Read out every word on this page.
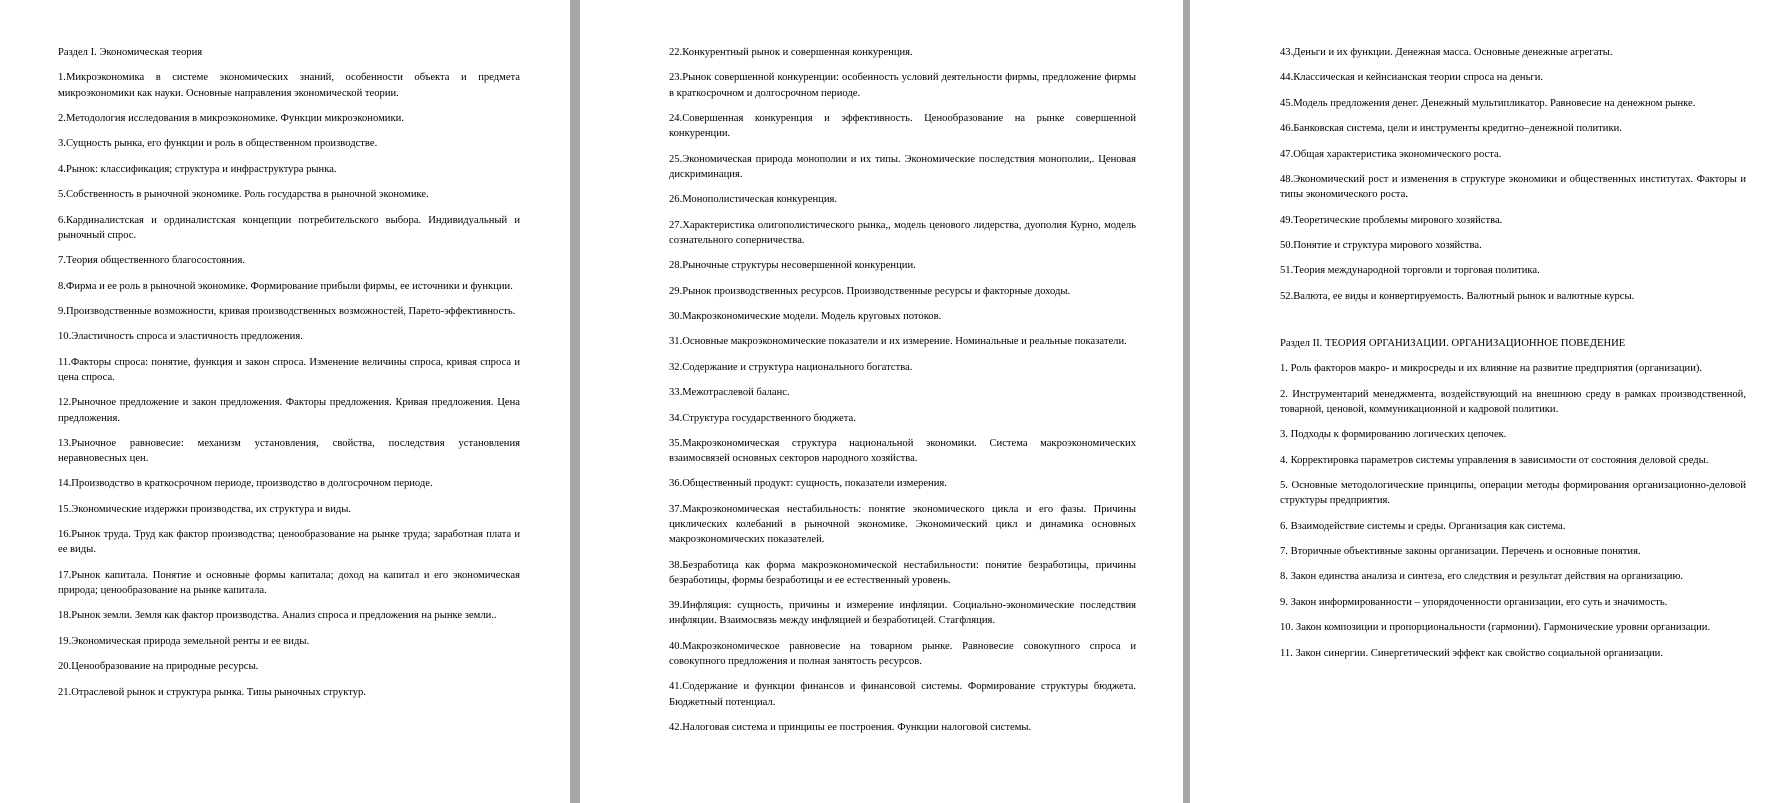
Раздел I. Экономическая теория

1.Микроэкономика в системе экономических знаний, особенности объекта и предмета микроэкономики как науки. Основные направления экономической теории.

2.Методология исследования в микроэкономике. Функции микроэкономики.

3.Сущность рынка, его функции и роль в общественном производстве.

4.Рынок: классификация; структура и инфраструктура рынка.

5.Собственность в рыночной экономике. Роль государства в рыночной экономике.

6.Кардиналистская и ординалистская концепции потребительского выбора. Индивидуальный и рыночный спрос.

7.Теория общественного благосостояния.

8.Фирма и ее роль в рыночной экономике. Формирование прибыли фирмы, ее источники и функции.

9.Производственные возможности, кривая производственных возможностей, Парето-эффективность.

10.Эластичность спроса и эластичность предложения.

11.Факторы спроса: понятие, функция и закон спроса. Изменение величины спроса, кривая спроса и цена спроса.

12.Рыночное предложение и закон предложения. Факторы предложения. Кривая предложения. Цена предложения.

13.Рыночное равновесие: механизм установления, свойства, последствия установления неравновесных цен.

14.Производство в краткосрочном периоде, производство в долгосрочном периоде.

15.Экономические издержки производства, их структура и виды.

16.Рынок труда. Труд как фактор производства; ценообразование на рынке труда; заработная плата и ее виды.

17.Рынок капитала. Понятие и основные формы капитала; доход на капитал и его экономическая природа; ценообразование на рынке капитала.

18.Рынок земли. Земля как фактор производства. Анализ спроса и предложения на рынке земли..

19.Экономическая природа земельной ренты и ее виды.

20.Ценообразование на природные ресурсы.

21.Отраслевой рынок и структура рынка. Типы рыночных структур.

22.Конкурентный рынок и совершенная конкуренция.

23.Рынок совершенной конкуренции: особенность условий деятельности фирмы, предложение фирмы в краткосрочном и долгосрочном периоде.

24.Совершенная конкуренция и эффективность. Ценообразование на рынке совершенной конкуренции.

25.Экономическая природа монополии и их типы. Экономические последствия монополии,. Ценовая дискриминация.

26.Монополистическая конкуренция.

27.Характеристика олигополистического рынка,, модель ценового лидерства, дуополия Курно, модель сознательного соперничества.

28.Рыночные структуры несовершенной конкуренции.

29.Рынок производственных ресурсов. Производственные ресурсы и факторные доходы.

30.Макроэкономические модели. Модель круговых потоков.

31.Основные макроэкономические показатели и их измерение. Номинальные и реальные показатели.

32.Содержание и структура национального богатства.

33.Межотраслевой баланс.

34.Структура государственного бюджета.

35.Макроэкономическая структура национальной экономики. Система макроэкономических взаимосвязей основных секторов народного хозяйства.

36.Общественный продукт: сущность, показатели измерения.

37.Макроэкономическая нестабильность: понятие экономического цикла и его фазы. Причины циклических колебаний в рыночной экономике. Экономический цикл и динамика основных макроэкономических показателей.

38.Безработица как форма макроэкономической нестабильности: понятие безработицы, причины безработицы, формы безработицы и ее естественный уровень.

39.Инфляция: сущность, причины и измерение инфляции. Социально-экономические последствия инфляции. Взаимосвязь между инфляцией и безработицей. Стагфляция.

40.Макроэкономическое равновесие на товарном рынке. Равновесие совокупного спроса и совокупного предложения и полная занятость ресурсов.

41.Содержание и функции финансов и финансовой системы. Формирование структуры бюджета. Бюджетный потенциал.

42.Налоговая система и принципы ее построения. Функции налоговой системы.

43.Деньги и их функции. Денежная масса. Основные денежные агрегаты.

44.Классическая и кейнсианская теории спроса на деньги.

45.Модель предложения денег. Денежный мультипликатор. Равновесие на денежном рынке.

46.Банковская система, цели и инструменты кредитно–денежной политики.

47.Общая характеристика экономического роста.

48.Экономический рост и изменения в структуре экономики и общественных институтах. Факторы и типы экономического роста.

49.Теоретические проблемы мирового хозяйства.

50.Понятие и структура мирового хозяйства.

51.Теория международной торговли и торговая политика.

52.Валюта, ее виды и конвертируемость. Валютный рынок и валютные курсы.

Раздел II. ТЕОРИЯ ОРГАНИЗАЦИИ. ОРГАНИЗАЦИОННОЕ ПОВЕДЕНИЕ

1. Роль факторов макро- и микросреды и их влияние на развитие предприятия (организации).

2. Инструментарий менеджмента, воздействующий на внешнюю среду в рамках производственной, товарной, ценовой, коммуникационной и кадровой политики.

3. Подходы к формированию логических цепочек.

4. Корректировка параметров системы управления в зависимости от состояния деловой среды.

5. Основные методологические принципы, операции методы формирования организационно-деловой структуры предприятия.

6. Взаимодействие системы и среды. Организация как система.

7. Вторичные объективные законы организации. Перечень и основные понятия.

8. Закон единства анализа и синтеза, его следствия и результат действия на организацию.

9. Закон информированности – упорядоченности организации, его суть и значимость.

10. Закон композиции и пропорциональности (гармонии). Гармонические уровни организации.

11. Закон синергии. Синергетический эффект как свойство социальной организации.
